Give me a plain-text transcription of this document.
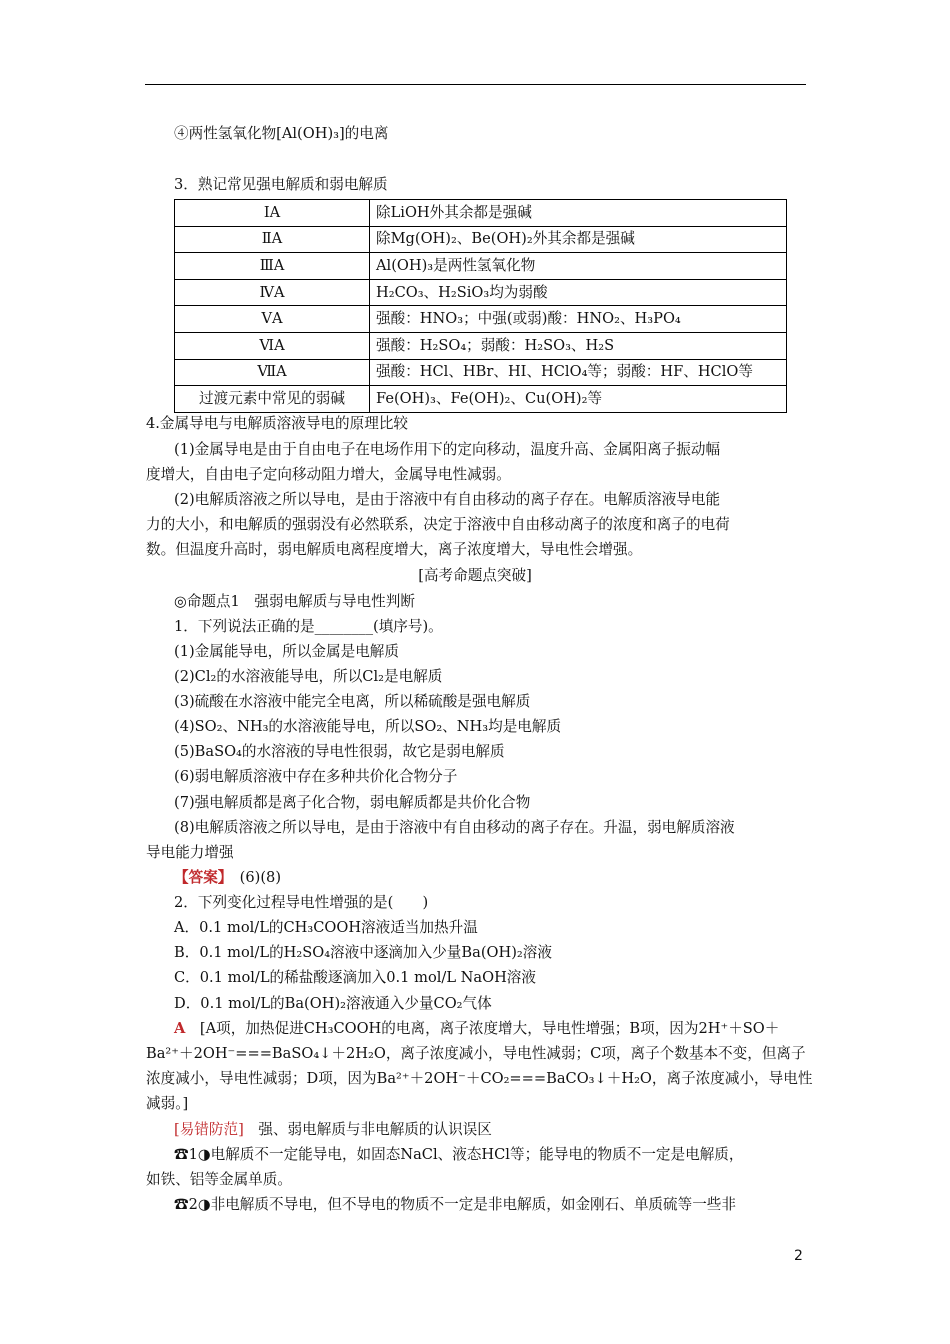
④两性氢氧化物[Al(OH)₃]的电离
3．熟记常见强电解质和弱电解质
ⅠA	除LiOH外其余都是强碱
ⅡA	除Mg(OH)₂、Be(OH)₂外其余都是强碱
ⅢA	Al(OH)₃是两性氢氧化物
ⅣA	H₂CO₃、H₂SiO₃均为弱酸
ⅤA	强酸：HNO₃；中强(或弱)酸：HNO₂、H₃PO₄
ⅥA	强酸：H₂SO₄；弱酸：H₂SO₃、H₂S
ⅦA	强酸：HCl、HBr、HI、HClO₄等；弱酸：HF、HClO等
过渡元素中常见的弱碱	Fe(OH)₃、Fe(OH)₂、Cu(OH)₂等
4.金属导电与电解质溶液导电的原理比较
(1)金属导电是由于自由电子在电场作用下的定向移动，温度升高、金属阳离子振动幅
度增大，自由电子定向移动阻力增大，金属导电性减弱。
(2)电解质溶液之所以导电，是由于溶液中有自由移动的离子存在。电解质溶液导电能
力的大小，和电解质的强弱没有必然联系，决定于溶液中自由移动离子的浓度和离子的电荷
数。但温度升高时，弱电解质电离程度增大，离子浓度增大，导电性会增强。
[高考命题点突破]
◎命题点1　强弱电解质与导电性判断
1．下列说法正确的是________(填序号)。
(1)金属能导电，所以金属是电解质
(2)Cl₂的水溶液能导电，所以Cl₂是电解质
(3)硫酸在水溶液中能完全电离，所以稀硫酸是强电解质
(4)SO₂、NH₃的水溶液能导电，所以SO₂、NH₃均是电解质
(5)BaSO₄的水溶液的导电性很弱，故它是弱电解质
(6)弱电解质溶液中存在多种共价化合物分子
(7)强电解质都是离子化合物，弱电解质都是共价化合物
(8)电解质溶液之所以导电，是由于溶液中有自由移动的离子存在。升温，弱电解质溶液
导电能力增强
【答案】　(6)(8)
2．下列变化过程导电性增强的是(　　)
A．0.1 mol/L的CH₃COOH溶液适当加热升温
B．0.1 mol/L的H₂SO₄溶液中逐滴加入少量Ba(OH)₂溶液
C．0.1 mol/L的稀盐酸逐滴加入0.1 mol/L NaOH溶液
D．0.1 mol/L的Ba(OH)₂溶液通入少量CO₂气体
A　[A项，加热促进CH₃COOH的电离，离子浓度增大，导电性增强；B项，因为2H⁺＋SO＋
Ba²⁺＋2OH⁻===BaSO₄↓＋2H₂O，离子浓度减小，导电性减弱；C项，离子个数基本不变，但离子
浓度减小，导电性减弱；D项，因为Ba²⁺＋2OH⁻＋CO₂===BaCO₃↓＋H₂O，离子浓度减小，导电性
减弱。]
[易错防范]　强、弱电解质与非电解质的认识误区
☎1◑电解质不一定能导电，如固态NaCl、液态HCl等；能导电的物质不一定是电解质，
如铁、铝等金属单质。
☎2◑非电解质不导电，但不导电的物质不一定是非电解质，如金刚石、单质硫等一些非
2
